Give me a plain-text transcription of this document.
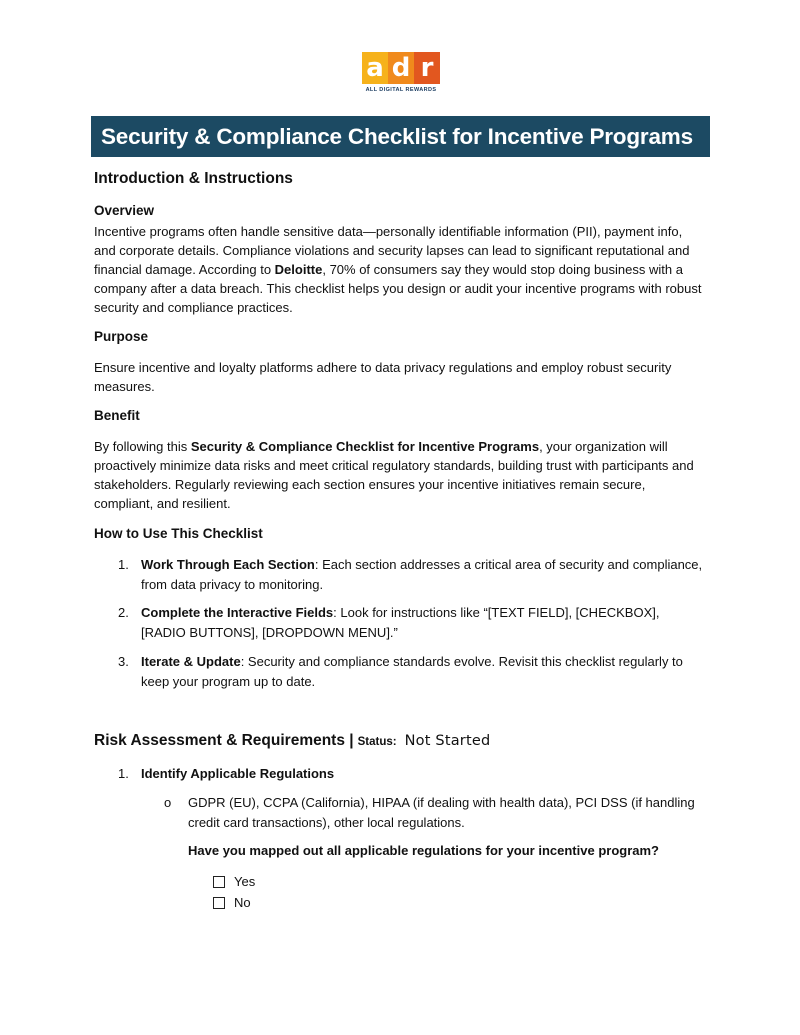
a d r
ALL DIGITAL REWARDS
Security & Compliance Checklist for Incentive Programs
Introduction & Instructions
Overview

Incentive programs often handle sensitive data—personally identifiable information (PII), payment info, and corporate details. Compliance violations and security lapses can lead to significant reputational and financial damage. According to Deloitte, 70% of consumers say they would stop doing business with a company after a data breach. This checklist helps you design or audit your incentive programs with robust security and compliance practices.

Purpose

Ensure incentive and loyalty platforms adhere to data privacy regulations and employ robust security measures.

Benefit

By following this Security & Compliance Checklist for Incentive Programs, your organization will proactively minimize data risks and meet critical regulatory standards, building trust with participants and stakeholders. Regularly reviewing each section ensures your incentive initiatives remain secure, compliant, and resilient.

How to Use This Checklist
1. Work Through Each Section: Each section addresses a critical area of security and compliance, from data privacy to monitoring.
2. Complete the Interactive Fields: Look for instructions like “[TEXT FIELD], [CHECKBOX], [RADIO BUTTONS], [DROPDOWN MENU].”
3. Iterate & Update: Security and compliance standards evolve. Revisit this checklist regularly to keep your program up to date.
Risk Assessment & Requirements | Status: Not Started
1. Identify Applicable Regulations
o GDPR (EU), CCPA (California), HIPAA (if dealing with health data), PCI DSS (if handling credit card transactions), other local regulations.
Have you mapped out all applicable regulations for your incentive program?
Yes
No
